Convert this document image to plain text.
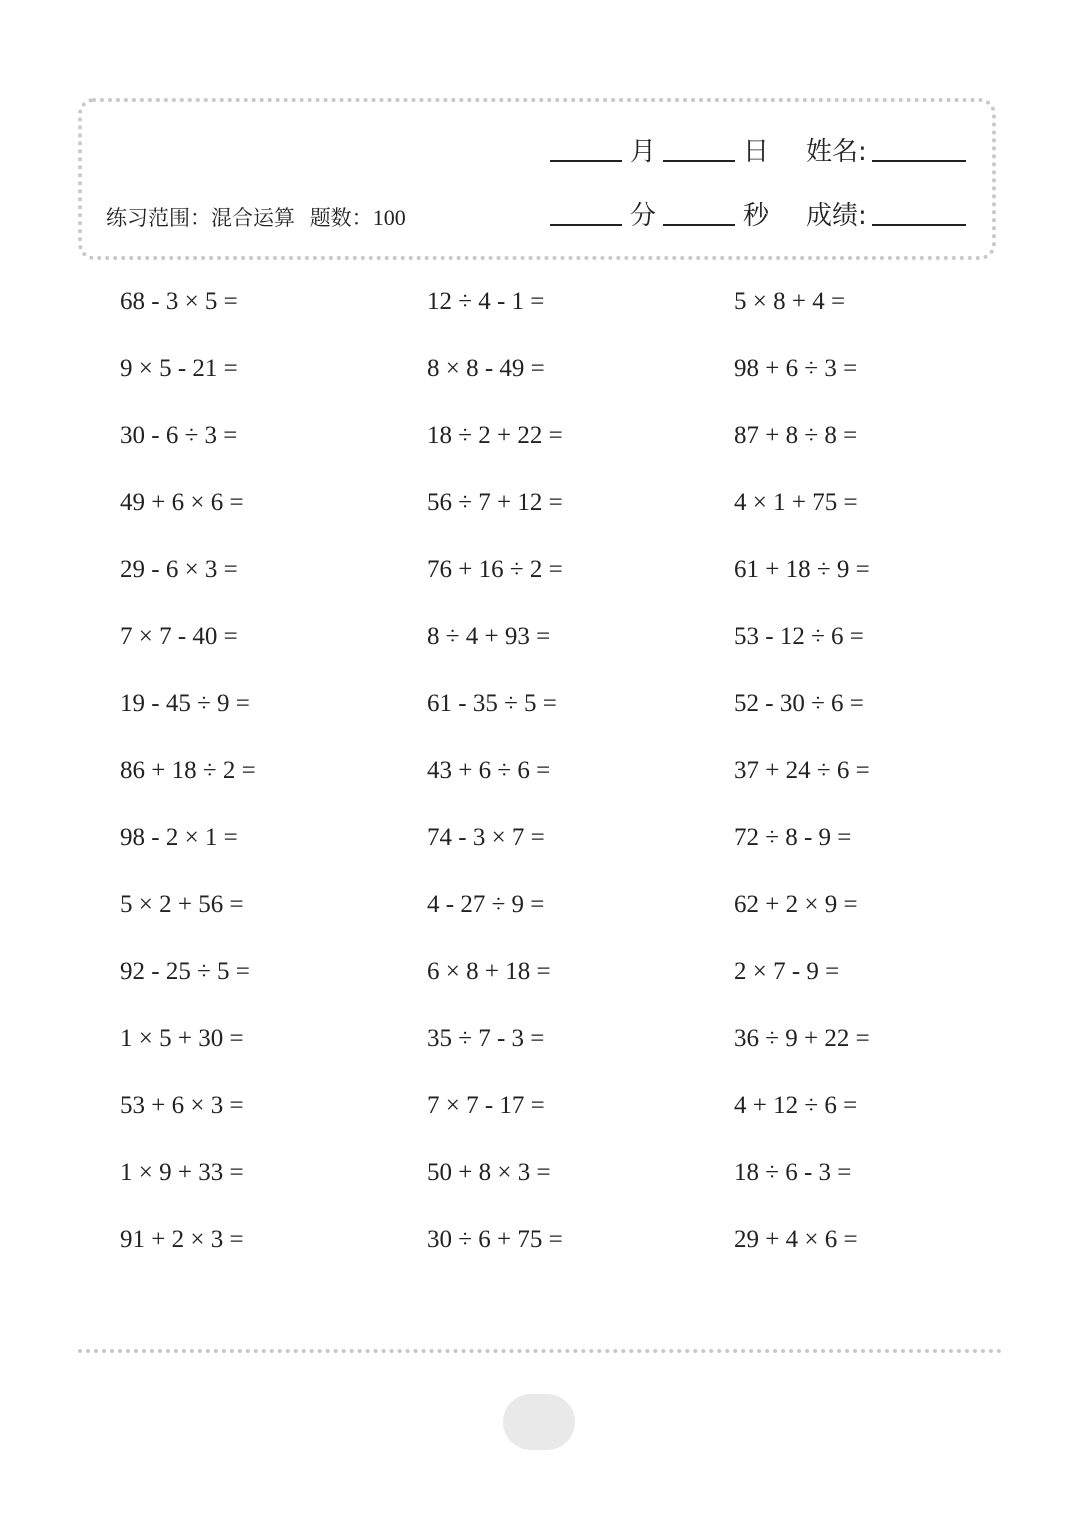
练习范围：混合运算 题数：100
月	日 姓名:
分	秒 成绩:
68 - 3 × 5 =	12 ÷ 4 - 1 =	5 × 8 + 4 =
9 × 5 - 21 =	8 × 8 - 49 =	98 + 6 ÷ 3 =
30 - 6 ÷ 3 =	18 ÷ 2 + 22 =	87 + 8 ÷ 8 =
49 + 6 × 6 =	56 ÷ 7 + 12 =	4 × 1 + 75 =
29 - 6 × 3 =	76 + 16 ÷ 2 =	61 + 18 ÷ 9 =
7 × 7 - 40 =	8 ÷ 4 + 93 =	53 - 12 ÷ 6 =
19 - 45 ÷ 9 =	61 - 35 ÷ 5 =	52 - 30 ÷ 6 =
86 + 18 ÷ 2 =	43 + 6 ÷ 6 =	37 + 24 ÷ 6 =
98 - 2 × 1 =	74 - 3 × 7 =	72 ÷ 8 - 9 =
5 × 2 + 56 =	4 - 27 ÷ 9 =	62 + 2 × 9 =
92 - 25 ÷ 5 =	6 × 8 + 18 =	2 × 7 - 9 =
1 × 5 + 30 =	35 ÷ 7 - 3 =	36 ÷ 9 + 22 =
53 + 6 × 3 =	7 × 7 - 17 =	4 + 12 ÷ 6 =
1 × 9 + 33 =	50 + 8 × 3 =	18 ÷ 6 - 3 =
91 + 2 × 3 =	30 ÷ 6 + 75 =	29 + 4 × 6 =
